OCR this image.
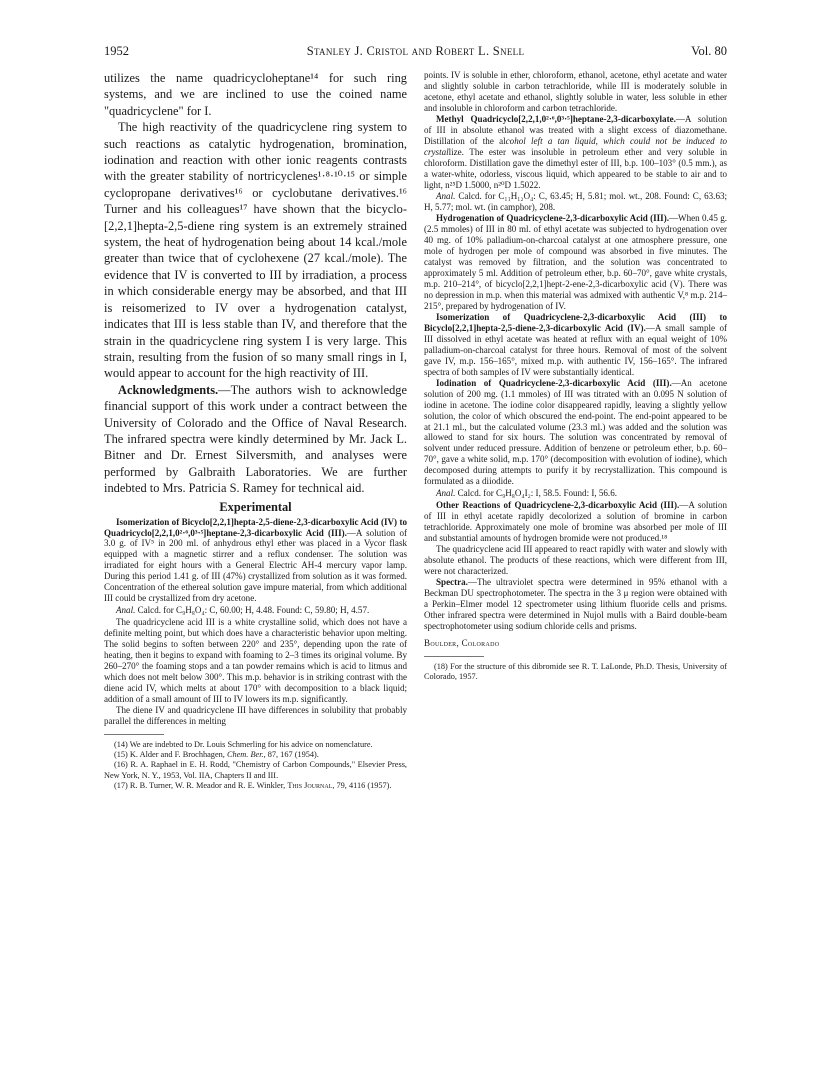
1952	Stanley J. Cristol and Robert L. Snell	Vol. 80

utilizes the name quadricycloheptane¹⁴ for such ring systems, and we are inclined to use the coined name "quadricyclene" for I.

The high reactivity of the quadricyclene ring system to such reactions as catalytic hydrogenation, bromination, iodination and reaction with other ionic reagents contrasts with the greater stability of nortricyclenes¹·⁸·¹⁰·¹⁵ or simple cyclopropane derivatives¹⁶ or cyclobutane derivatives.¹⁶ Turner and his colleagues¹⁷ have shown that the bicyclo-[2,2,1]hepta-2,5-diene ring system is an extremely strained system, the heat of hydrogenation being about 14 kcal./mole greater than twice that of cyclohexene (27 kcal./mole). The evidence that IV is converted to III by irradiation, a process in which considerable energy may be absorbed, and that III is reisomerized to IV over a hydrogenation catalyst, indicates that III is less stable than IV, and therefore that the strain in the quadricyclene ring system I is very large. This strain, resulting from the fusion of so many small rings in I, would appear to account for the high reactivity of III.

Acknowledgments.—The authors wish to acknowledge financial support of this work under a contract between the University of Colorado and the Office of Naval Research. The infrared spectra were kindly determined by Mr. Jack L. Bitner and Dr. Ernest Silversmith, and analyses were performed by Galbraith Laboratories. We are further indebted to Mrs. Patricia S. Ramey for technical aid.

Experimental

Isomerization of Bicyclo[2,2,1]hepta-2,5-diene-2,3-dicarboxylic Acid (IV) to Quadricyclo[2,2,1,0²·⁶,0³·⁵]heptane-2,3-dicarboxylic Acid (III).—A solution of 3.0 g. of IV⁵ in 200 ml. of anhydrous ethyl ether was placed in a Vycor flask equipped with a magnetic stirrer and a reflux condenser. The solution was irradiated for eight hours with a General Electric AH-4 mercury vapor lamp. During this period 1.41 g. of III (47%) crystallized from solution as it was formed. Concentration of the ethereal solution gave impure material, from which additional III could be crystallized from dry acetone.

Anal. Calcd. for C₉H₈O₄: C, 60.00; H, 4.48. Found: C, 59.80; H, 4.57.

The quadricyclene acid III is a white crystalline solid, which does not have a definite melting point, but which does have a characteristic behavior upon melting. The solid begins to soften between 220° and 235°, depending upon the rate of heating, then it begins to expand with foaming to 2–3 times its original volume. By 260–270° the foaming stops and a tan powder remains which is acid to litmus and which does not melt below 300°. This m.p. behavior is in striking contrast with the diene acid IV, which melts at about 170° with decomposition to a black liquid; addition of a small amount of III to IV lowers its m.p. significantly.

The diene IV and quadricyclene III have differences in solubility that probably parallel the differences in melting

(14) We are indebted to Dr. Louis Schmerling for his advice on nomenclature.

(15) K. Alder and F. Brochhagen, Chem. Ber., 87, 167 (1954).

(16) R. A. Raphael in E. H. Rodd, "Chemistry of Carbon Compounds," Elsevier Press, New York, N. Y., 1953, Vol. IIA, Chapters II and III.

(17) R. B. Turner, W. R. Meador and R. E. Winkler, This Journal, 79, 4116 (1957).

points. IV is soluble in ether, chloroform, ethanol, acetone, ethyl acetate and water and slightly soluble in carbon tetrachloride, while III is moderately soluble in acetone, ethyl acetate and ethanol, slightly soluble in water, less soluble in ether and insoluble in chloroform and carbon tetrachloride.

Methyl Quadricyclo[2,2,1,0²·⁶,0³·⁵]heptane-2,3-dicarboxylate.—A solution of III in absolute ethanol was treated with a slight excess of diazomethane. Distillation of the alcohol left a tan liquid, which could not be induced to crystallize. The ester was insoluble in petroleum ether and very soluble in chloroform. Distillation gave the dimethyl ester of III, b.p. 100–103° (0.5 mm.), as a water-white, odorless, viscous liquid, which appeared to be stable to air and to light, n²⁵D 1.5000, n²⁰D 1.5022.

Anal. Calcd. for C₁₁H₁₂O₄: C, 63.45; H, 5.81; mol. wt., 208. Found: C, 63.63; H, 5.77; mol. wt. (in camphor), 208.

Hydrogenation of Quadricyclene-2,3-dicarboxylic Acid (III).—When 0.45 g. (2.5 mmoles) of III in 80 ml. of ethyl acetate was subjected to hydrogenation over 40 mg. of 10% palladium-on-charcoal catalyst at one atmosphere pressure, one mole of hydrogen per mole of compound was absorbed in five minutes. The catalyst was removed by filtration, and the solution was concentrated to approximately 5 ml. Addition of petroleum ether, b.p. 60–70°, gave white crystals, m.p. 210–214°, of bicyclo[2,2,1]hept-2-ene-2,3-dicarboxylic acid (V). There was no depression in m.p. when this material was admixed with authentic V,⁸ m.p. 214–215°, prepared by hydrogenation of IV.

Isomerization of Quadricyclene-2,3-dicarboxylic Acid (III) to Bicyclo[2,2,1]hepta-2,5-diene-2,3-dicarboxylic Acid (IV).—A small sample of III dissolved in ethyl acetate was heated at reflux with an equal weight of 10% palladium-on-charcoal catalyst for three hours. Removal of most of the solvent gave IV, m.p. 156–165°, mixed m.p. with authentic IV, 156–165°. The infrared spectra of both samples of IV were substantially identical.

Iodination of Quadricyclene-2,3-dicarboxylic Acid (III).—An acetone solution of 200 mg. (1.1 mmoles) of III was titrated with an 0.095 N solution of iodine in acetone. The iodine color disappeared rapidly, leaving a slightly yellow solution, the color of which obscured the end-point. The end-point appeared to be at 21.1 ml., but the calculated volume (23.3 ml.) was added and the solution was allowed to stand for six hours. The solution was concentrated by removal of solvent under reduced pressure. Addition of benzene or petroleum ether, b.p. 60–70°, gave a white solid, m.p. 170° (decomposition with evolution of iodine), which decomposed during attempts to purify it by recrystallization. This compound is formulated as a diiodide.

Anal. Calcd. for C₉H₈O₄I₂: I, 58.5. Found: I, 56.6.

Other Reactions of Quadricyclene-2,3-dicarboxylic Acid (III).—A solution of III in ethyl acetate rapidly decolorized a solution of bromine in carbon tetrachloride. Approximately one mole of bromine was absorbed per mole of III and substantial amounts of hydrogen bromide were not produced.¹⁸

The quadricyclene acid III appeared to react rapidly with water and slowly with absolute ethanol. The products of these reactions, which were different from III, were not characterized.

Spectra.—The ultraviolet spectra were determined in 95% ethanol with a Beckman DU spectrophotometer. The spectra in the 3 μ region were obtained with a Perkin–Elmer model 12 spectrometer using lithium fluoride cells and prisms. Other infrared spectra were determined in Nujol mulls with a Baird double-beam spectrophotometer using sodium chloride cells and prisms.

Boulder, Colorado

(18) For the structure of this dibromide see R. T. LaLonde, Ph.D. Thesis, University of Colorado, 1957.
